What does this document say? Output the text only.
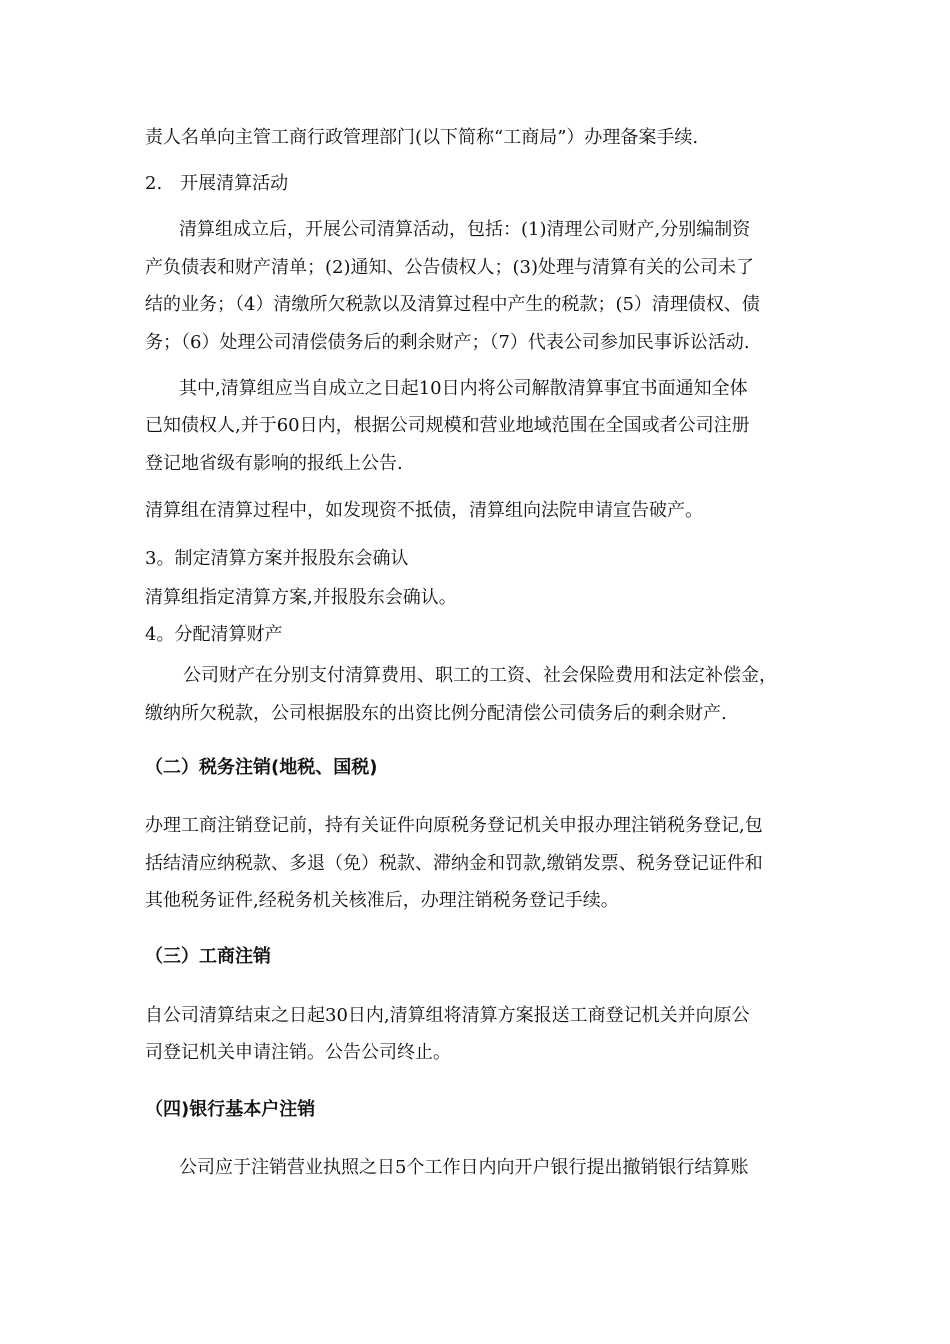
责人名单向主管工商行政管理部门(以下简称“工商局”）办理备案手续.
2.　开展清算活动
清算组成立后，开展公司清算活动，包括：(1)清理公司财产,分别编制资
产负债表和财产清单；(2)通知、公告债权人；(3)处理与清算有关的公司未了
结的业务；（4）清缴所欠税款以及清算过程中产生的税款；(5）清理债权、债
务；（6）处理公司清偿债务后的剩余财产；（7）代表公司参加民事诉讼活动.
其中,清算组应当自成立之日起10日内将公司解散清算事宜书面通知全体
已知债权人,并于60日内，根据公司规模和营业地域范围在全国或者公司注册
登记地省级有影响的报纸上公告.
清算组在清算过程中，如发现资不抵债，清算组向法院申请宣告破产。
3。制定清算方案并报股东会确认
清算组指定清算方案,并报股东会确认。
4。分配清算财产
公司财产在分别支付清算费用、职工的工资、社会保险费用和法定补偿金，
缴纳所欠税款，公司根据股东的出资比例分配清偿公司债务后的剩余财产.
（二）税务注销(地税、国税)
办理工商注销登记前，持有关证件向原税务登记机关申报办理注销税务登记,包
括结清应纳税款、多退（免）税款、滞纳金和罚款,缴销发票、税务登记证件和
其他税务证件,经税务机关核准后，办理注销税务登记手续。
（三）工商注销
自公司清算结束之日起30日内,清算组将清算方案报送工商登记机关并向原公
司登记机关申请注销。公告公司终止。
（四)银行基本户注销
公司应于注销营业执照之日5个工作日内向开户银行提出撤销银行结算账
